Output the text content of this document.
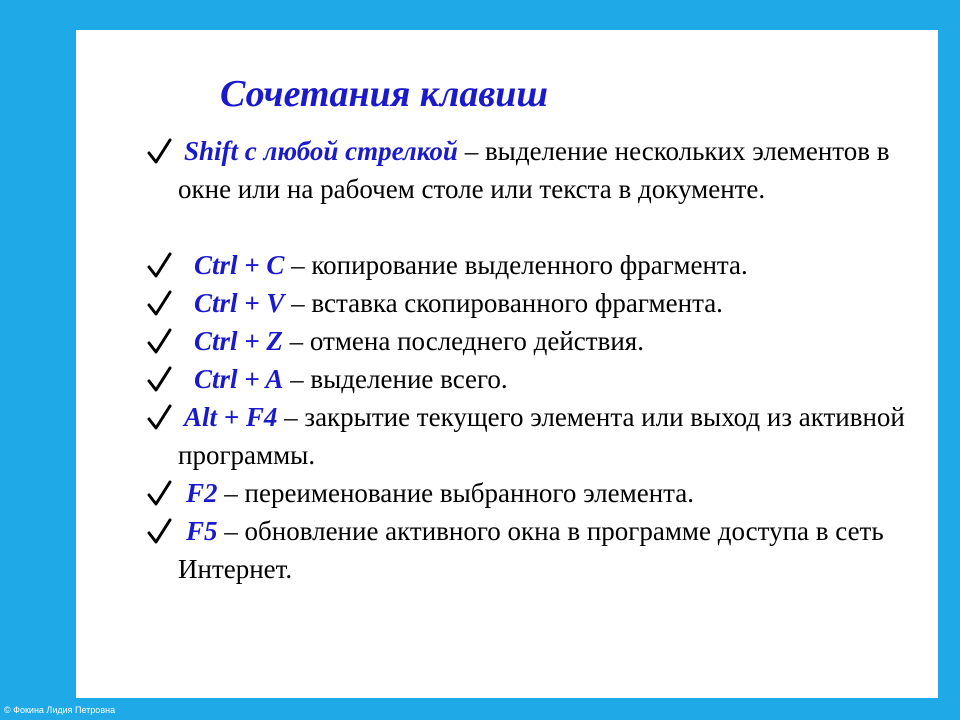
Сочетания клавиш
Shift с любой стрелкой – выделение нескольких элементов в окне или на рабочем столе или текста в документе.
Ctrl + C – копирование выделенного фрагмента.
Ctrl + V – вставка скопированного фрагмента.
Ctrl + Z – отмена последнего действия.
Ctrl + A – выделение всего.
Alt + F4 – закрытие текущего элемента или выход из активной программы.
F2 – переименование выбранного элемента.
F5 – обновление активного окна в программе доступа в сеть Интернет.
© Фокина Лидия Петровна
